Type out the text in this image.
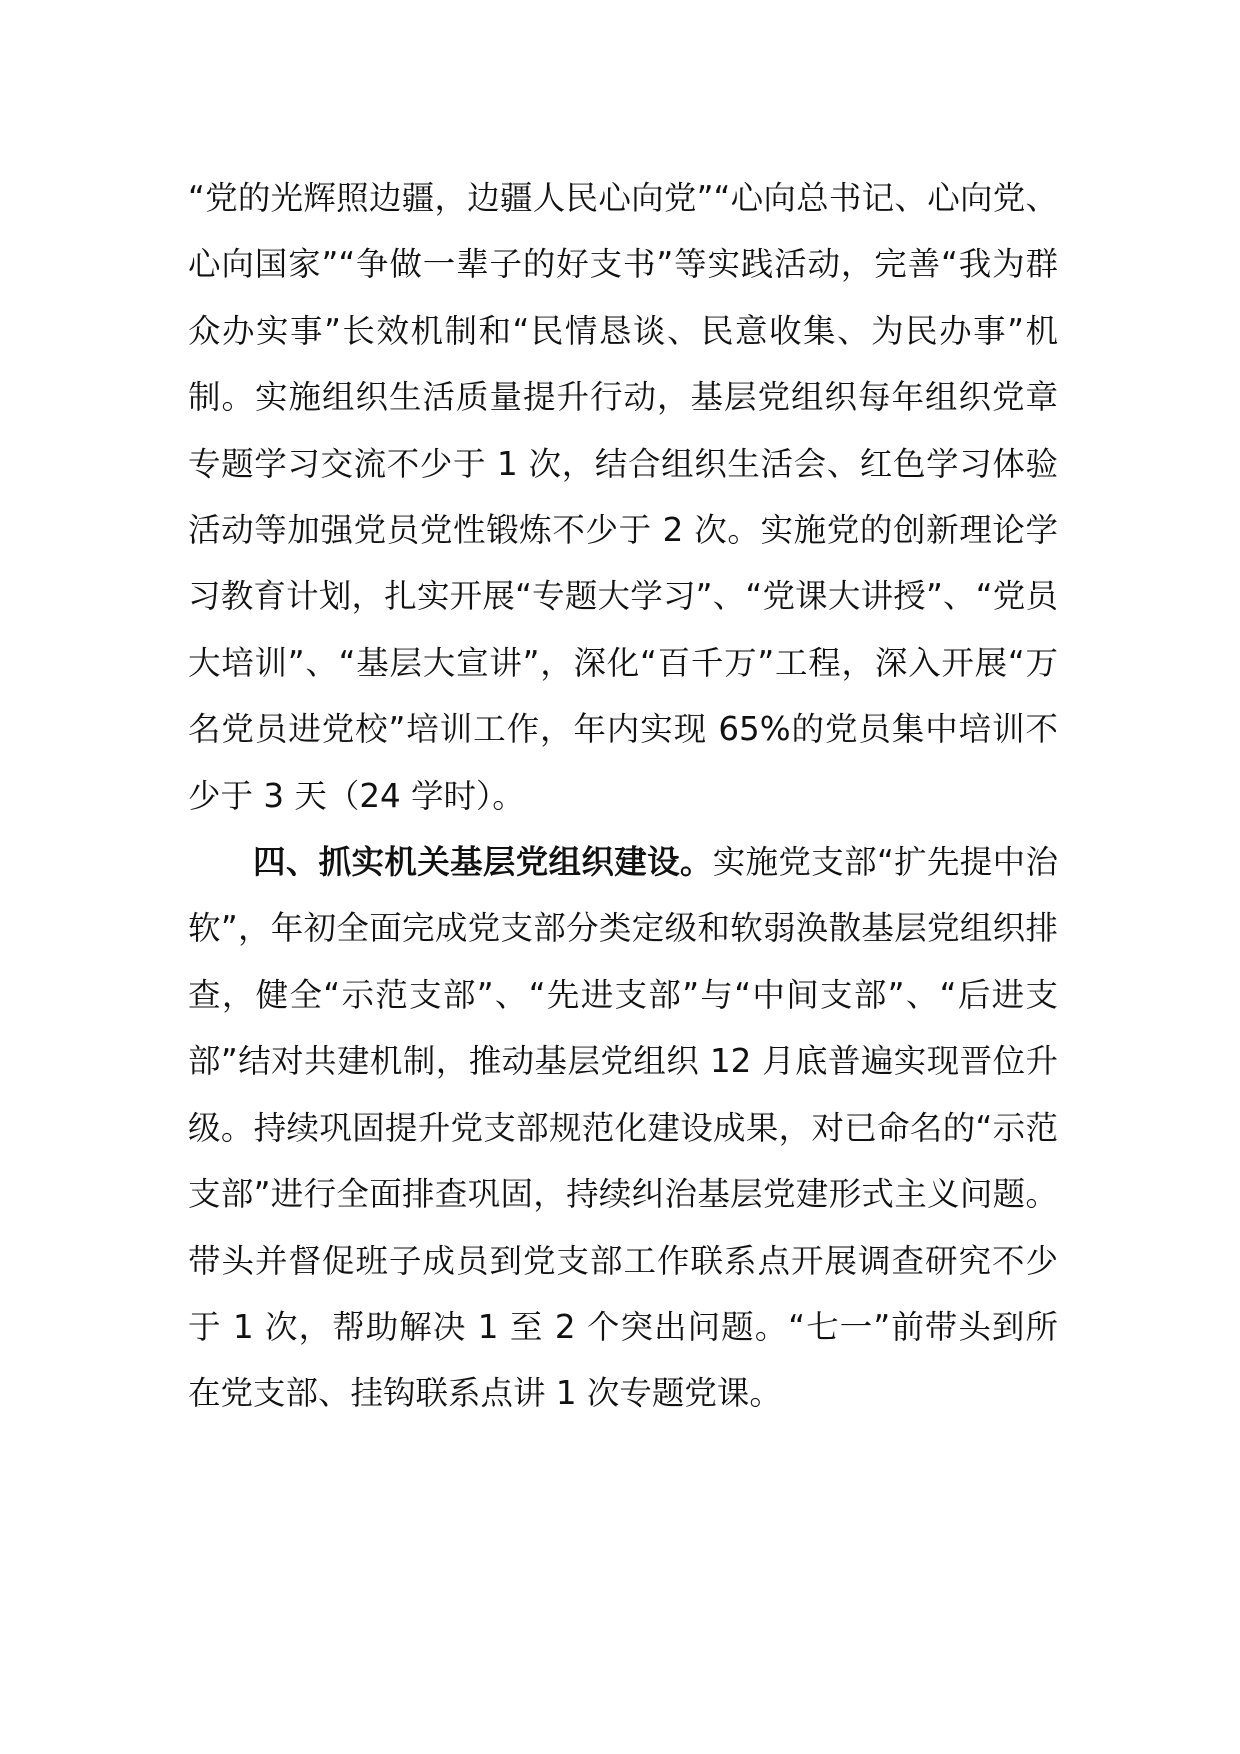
“党的光辉照边疆，边疆人民心向党”“心向总书记、心向党、心向国家”“争做一辈子的好支书”等实践活动，完善“我为群众办实事”长效机制和“民情恳谈、民意收集、为民办事”机制。实施组织生活质量提升行动，基层党组织每年组织党章专题学习交流不少于 1 次，结合组织生活会、红色学习体验活动等加强党员党性锻炼不少于 2 次。实施党的创新理论学习教育计划，扎实开展“专题大学习”、“党课大讲授”、“党员大培训”、“基层大宣讲”，深化“百千万”工程，深入开展“万名党员进党校”培训工作，年内实现 65%的党员集中培训不少于 3 天（24 学时）。

四、抓实机关基层党组织建设。实施党支部“扩先提中治软”，年初全面完成党支部分类定级和软弱涣散基层党组织排查，健全“示范支部”、“先进支部”与“中间支部”、“后进支部”结对共建机制，推动基层党组织 12 月底普遍实现晋位升级。持续巩固提升党支部规范化建设成果，对已命名的“示范支部”进行全面排查巩固，持续纠治基层党建形式主义问题。带头并督促班子成员到党支部工作联系点开展调查研究不少于 1 次，帮助解决 1 至 2 个突出问题。“七一”前带头到所在党支部、挂钩联系点讲 1 次专题党课。
